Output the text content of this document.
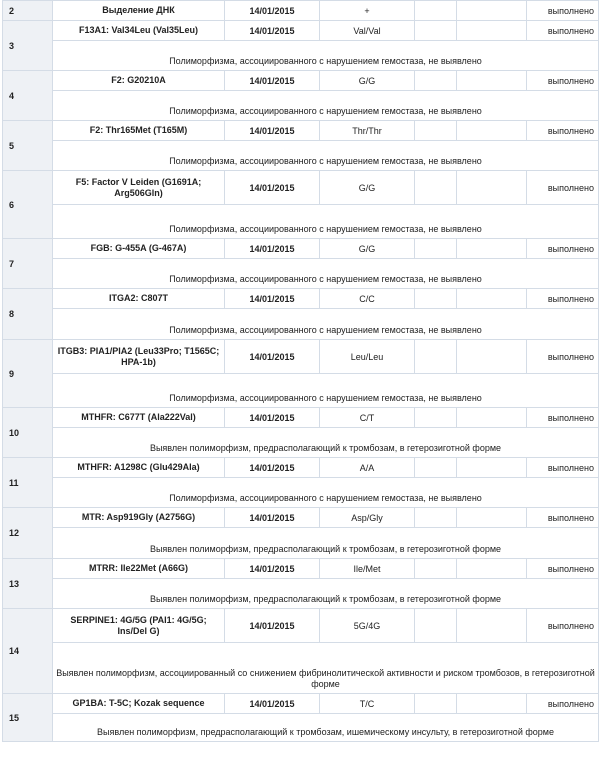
2	Выделение ДНК	14/01/2015	+			выполнено
3	F13A1: Val34Leu (Val35Leu)	14/01/2015	Val/Val			выполнено
	Полиморфизма, ассоциированного с нарушением гемостаза, не выявлено					
4	F2: G20210A	14/01/2015	G/G			выполнено
	Полиморфизма, ассоциированного с нарушением гемостаза, не выявлено					
5	F2: Thr165Met (T165M)	14/01/2015	Thr/Thr			выполнено
	Полиморфизма, ассоциированного с нарушением гемостаза, не выявлено					
6	F5: Factor V Leiden (G1691A; Arg506Gln)	14/01/2015	G/G			выполнено
	Полиморфизма, ассоциированного с нарушением гемостаза, не выявлено					
7	FGB: G-455A (G-467A)	14/01/2015	G/G			выполнено
	Полиморфизма, ассоциированного с нарушением гемостаза, не выявлено					
8	ITGA2: C807T	14/01/2015	C/C			выполнено
	Полиморфизма, ассоциированного с нарушением гемостаза, не выявлено					
9	ITGB3: PIA1/PIA2 (Leu33Pro; T1565C; HPA-1b)	14/01/2015	Leu/Leu			выполнено
	Полиморфизма, ассоциированного с нарушением гемостаза, не выявлено					
10	MTHFR: C677T (Ala222Val)	14/01/2015	C/T			выполнено
	Выявлен полиморфизм, предрасполагающий к тромбозам, в гетерозиготной форме					
11	MTHFR: A1298C (Glu429Ala)	14/01/2015	A/A			выполнено
	Полиморфизма, ассоциированного с нарушением гемостаза, не выявлено					
12	MTR: Asp919Gly (A2756G)	14/01/2015	Asp/Gly			выполнено
	Выявлен полиморфизм, предрасполагающий к тромбозам, в гетерозиготной форме					
13	MTRR: Ile22Met (A66G)	14/01/2015	Ile/Met			выполнено
	Выявлен полиморфизм, предрасполагающий к тромбозам, в гетерозиготной форме					
14	SERPINE1: 4G/5G (PAI1: 4G/5G; Ins/Del G)	14/01/2015	5G/4G			выполнено
	Выявлен полиморфизм, ассоциированный со снижением фибринолитической активности и риском тромбозов, в гетерозиготной форме					
15	GP1BA: T-5C; Kozak sequence	14/01/2015	T/C			выполнено
	Выявлен полиморфизм, предрасполагающий к тромбозам, ишемическому инсульту, в гетерозиготной форме					
